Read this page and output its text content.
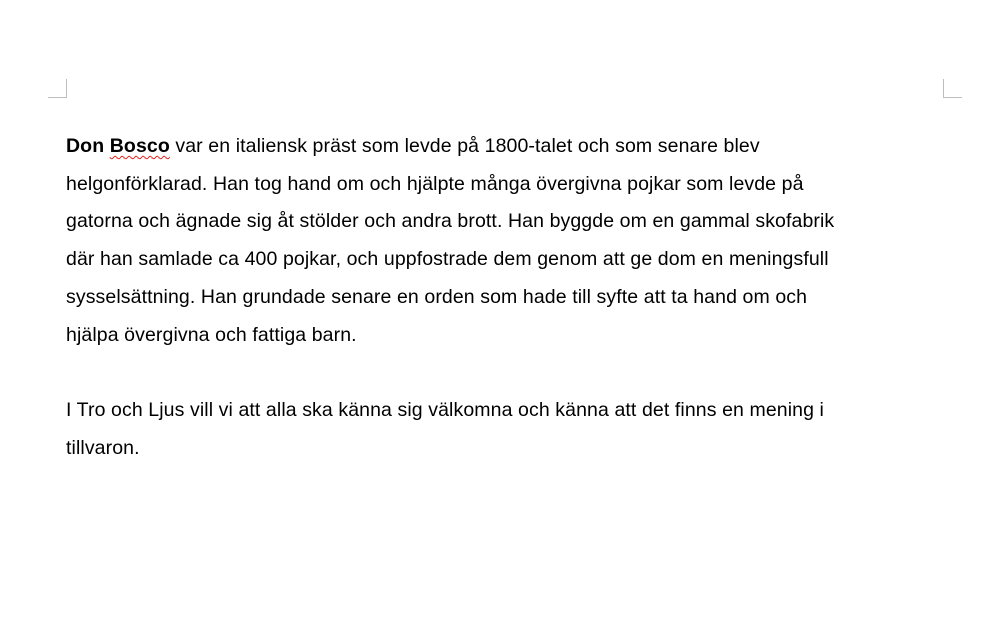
Don Bosco var en italiensk präst som levde på 1800-talet och som senare blev
helgonförklarad. Han tog hand om och hjälpte många övergivna pojkar som levde på
gatorna och ägnade sig åt stölder och andra brott. Han byggde om en gammal skofabrik
där han samlade ca 400 pojkar, och uppfostrade dem genom att ge dom en meningsfull
sysselsättning. Han grundade senare en orden som hade till syfte att ta hand om och
hjälpa övergivna och fattiga barn.

I Tro och Ljus vill vi att alla ska känna sig välkomna och känna att det finns en mening i
tillvaron.
